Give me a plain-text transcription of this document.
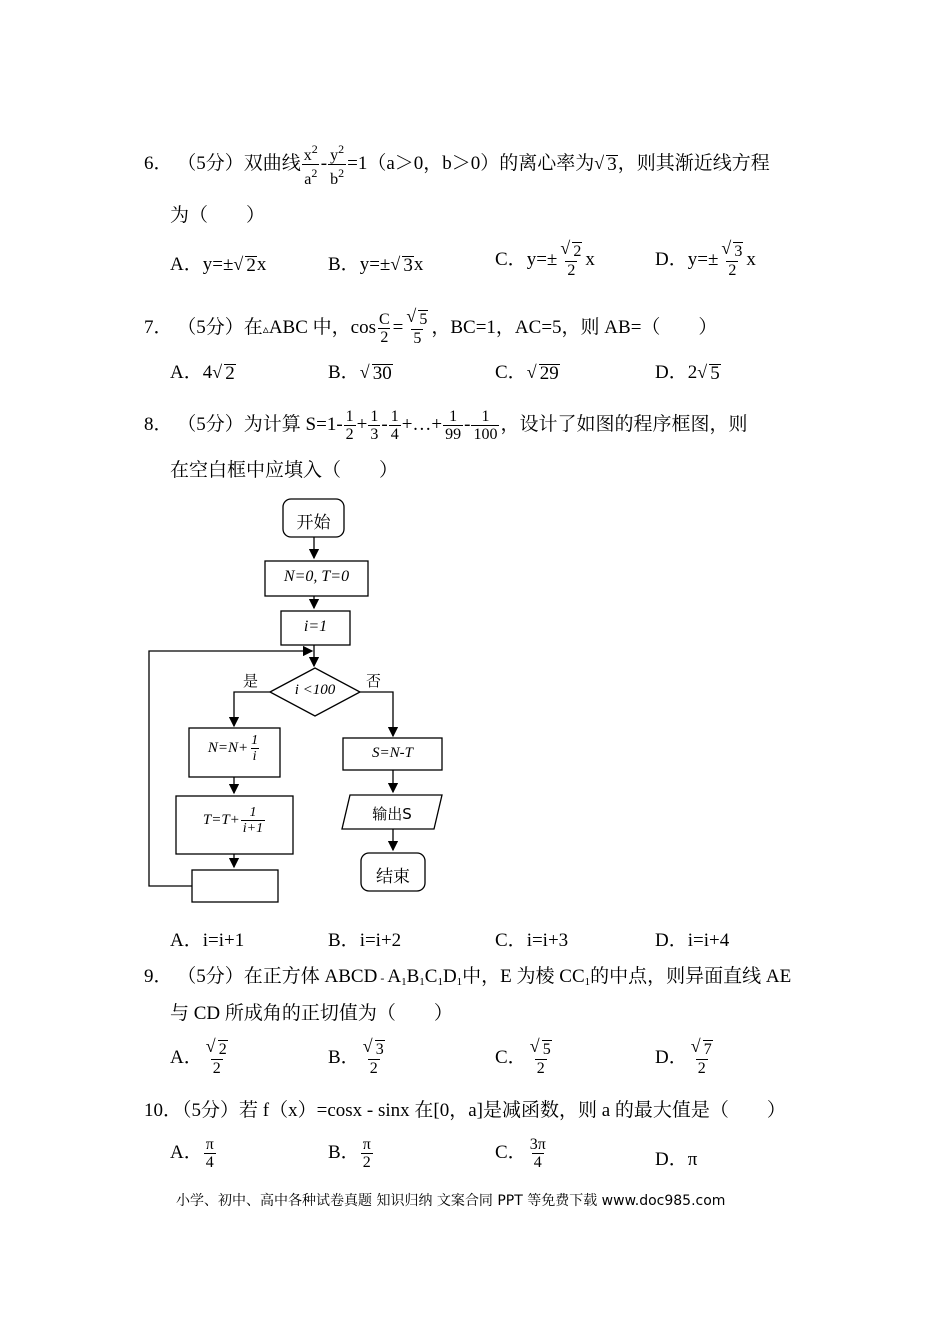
6． （5分）双曲线 $\frac{x^2}{a^2} - \frac{y^2}{b^2} =1(a>0$，b＞0）的离心率为 √ 3，则其渐近线方程
为（　　）
A．y=± √ 2x	B．y=± √ 3x	C．y=± √ $\frac{2}{2}$ x	D．y=± √ $\frac{3}{2}$ x
7． （5分）在▵ABC 中，$\cos \frac{C}{2}$ = √ $\frac{5}{5}$ ，BC=1，AC=5，则 AB=（　　）
A．4 √ 2	B． √ 30	C． √ 29	D．2 √ 5
8． （5分）为计算 $S=1- \frac{1}{2} + \frac{1}{3} - \frac{1}{4}$ +…+ $\frac{1}{99} - \frac{1}{100}$ ，设计了如图的程序框图，则
在空白框中应填入（　　）
开始
N=0, T=0
i=1
i <100
是	否
$N=N+ \frac{1}{i}$
$T=T+ \frac{1}{i+1}$
S=N-T
输出S
结束
A．i=i+1	B．i=i+2	C．i=i+3	D．i=i+4
9． （5分）在正方体 ABCD - $A_1B_1C_1D_1$中，E 为棱 $CC_1$的中点，则异面直线 AE
与 CD 所成角的正切值为（　　）
A． √ $\frac{2}{2}$	B． √ $\frac{3}{2}$	C． √ $\frac{5}{2}$	D． √ $\frac{7}{2}$
10．（5分）若 f（x）=cosx - sinx 在[0，a]是减函数，则 a 的最大值是（　　）
A． $\frac{\pi}{4}$	B． $\frac{\pi}{2}$	C． $\frac{3\pi}{4}$	D．π
小学、初中、高中各种试卷真题 知识归纳 文案合同 PPT 等免费下载 www.doc985.com
